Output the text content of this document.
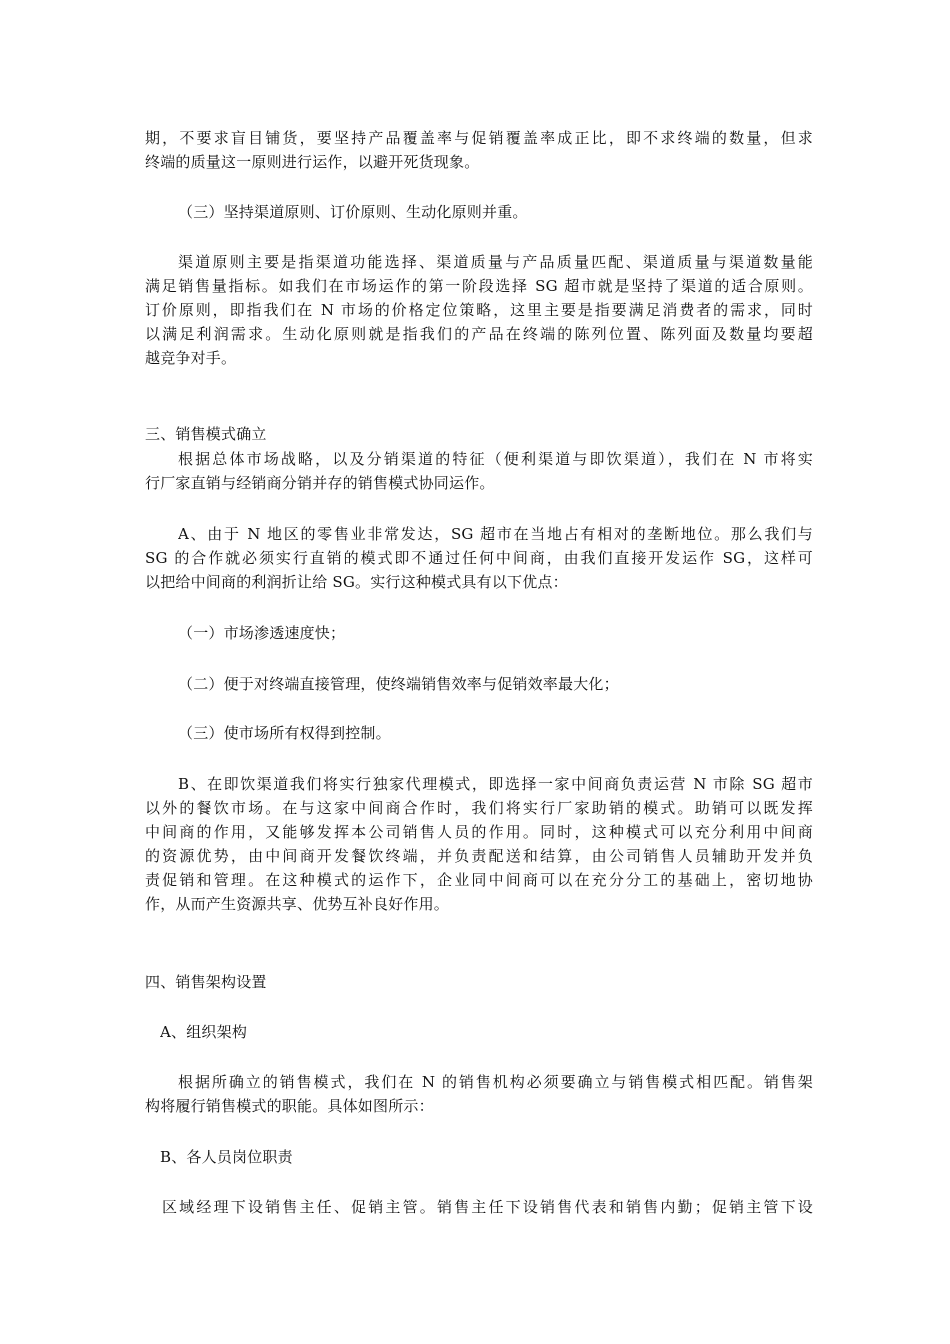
期，不要求盲目铺货，要坚持产品覆盖率与促销覆盖率成正比，即不求终端的数量，但求
终端的质量这一原则进行运作，以避开死货现象。
（三）坚持渠道原则、订价原则、生动化原则并重。
渠道原则主要是指渠道功能选择、渠道质量与产品质量匹配、渠道质量与渠道数量能
满足销售量指标。如我们在市场运作的第一阶段选择 SG 超市就是坚持了渠道的适合原则。
订价原则，即指我们在 N 市场的价格定位策略，这里主要是指要满足消费者的需求，同时
以满足利润需求。生动化原则就是指我们的产品在终端的陈列位置、陈列面及数量均要超
越竞争对手。
三、销售模式确立
根据总体市场战略，以及分销渠道的特征（便利渠道与即饮渠道），我们在 N 市将实
行厂家直销与经销商分销并存的销售模式协同运作。
A、由于 N 地区的零售业非常发达，SG 超市在当地占有相对的垄断地位。那么我们与
SG 的合作就必须实行直销的模式即不通过任何中间商，由我们直接开发运作 SG，这样可
以把给中间商的利润折让给 SG。实行这种模式具有以下优点：
（一）市场渗透速度快；
（二）便于对终端直接管理，使终端销售效率与促销效率最大化；
（三）使市场所有权得到控制。
B、在即饮渠道我们将实行独家代理模式，即选择一家中间商负责运营 N 市除 SG 超市
以外的餐饮市场。在与这家中间商合作时，我们将实行厂家助销的模式。助销可以既发挥
中间商的作用，又能够发挥本公司销售人员的作用。同时，这种模式可以充分利用中间商
的资源优势，由中间商开发餐饮终端，并负责配送和结算，由公司销售人员辅助开发并负
责促销和管理。在这种模式的运作下，企业同中间商可以在充分分工的基础上，密切地协
作，从而产生资源共享、优势互补良好作用。
四、销售架构设置
A、组织架构
根据所确立的销售模式，我们在 N 的销售机构必须要确立与销售模式相匹配。销售架
构将履行销售模式的职能。具体如图所示：
B、各人员岗位职责
区域经理下设销售主任、促销主管。销售主任下设销售代表和销售内勤；促销主管下设
